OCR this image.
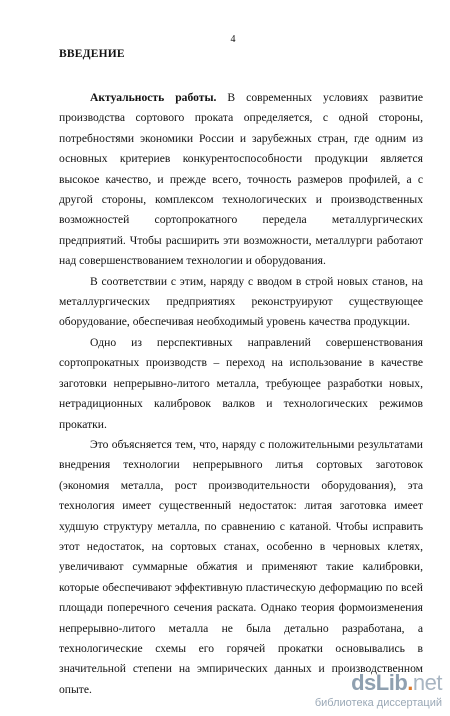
4
ВВЕДЕНИЕ

Актуальность работы. В современных условиях развитие производства сортового проката определяется, с одной стороны, потребностями экономики России и зарубежных стран, где одним из основных критериев конкурентоспособности продукции является высокое качество, и прежде всего, точность размеров профилей, а с другой стороны, комплексом технологических и производственных возможностей сортопрокатного передела металлургических предприятий. Чтобы расширить эти возможности, металлурги работают над совершенствованием технологии и оборудования.

В соответствии с этим, наряду с вводом в строй новых станов, на металлургических предприятиях реконструируют существующее оборудование, обеспечивая необходимый уровень качества продукции.

Одно из перспективных направлений совершенствования сортопрокатных производств – переход на использование в качестве заготовки непрерывно-литого металла, требующее разработки новых, нетрадиционных калибровок валков и технологических режимов прокатки.

Это объясняется тем, что, наряду с положительными результатами внедрения технологии непрерывного литья сортовых заготовок (экономия металла, рост производительности оборудования), эта технология имеет существенный недостаток: литая заготовка имеет худшую структуру металла, по сравнению с катаной. Чтобы исправить этот недостаток, на сортовых станах, особенно в черновых клетях, увеличивают суммарные обжатия и применяют такие калибровки, которые обеспечивают эффективную пластическую деформацию по всей площади поперечного сечения раската. Однако теория формоизменения непрерывно-литого металла не была детально разработана, а технологические схемы его горячей прокатки основывались в значительной степени на эмпирических данных и производственном опыте.	dsLib.net
библиотека диссертаций
